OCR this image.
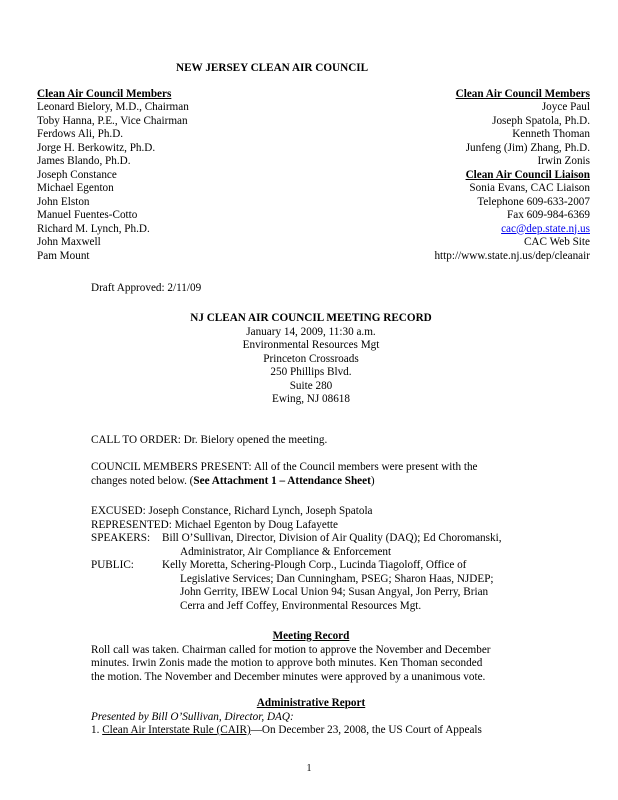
NEW JERSEY CLEAN AIR COUNCIL
Clean Air Council Members
Leonard Bielory, M.D., Chairman
Toby Hanna, P.E., Vice Chairman
Ferdows Ali, Ph.D.
Jorge H. Berkowitz, Ph.D.
James Blando, Ph.D.
Joseph Constance
Michael Egenton
John Elston
Manuel Fuentes-Cotto
Richard M. Lynch, Ph.D.
John Maxwell
Pam Mount
Clean Air Council Members
Joyce Paul
Joseph Spatola, Ph.D.
Kenneth Thoman
Junfeng (Jim) Zhang, Ph.D.
Irwin Zonis
Clean Air Council Liaison
Sonia Evans, CAC Liaison
Telephone 609-633-2007
Fax 609-984-6369
cac@dep.state.nj.us
CAC Web Site
http://www.state.nj.us/dep/cleanair
Draft Approved: 2/11/09
NJ CLEAN AIR COUNCIL MEETING RECORD
January 14, 2009, 11:30 a.m.
Environmental Resources Mgt
Princeton Crossroads
250 Phillips Blvd.
Suite 280
Ewing, NJ 08618
CALL TO ORDER: Dr. Bielory opened the meeting.
COUNCIL MEMBERS PRESENT: All of the Council members were present with the
changes noted below. (See Attachment 1 – Attendance Sheet)
EXCUSED: Joseph Constance, Richard Lynch, Joseph Spatola
REPRESENTED: Michael Egenton by Doug Lafayette
SPEAKERS: Bill O’Sullivan, Director, Division of Air Quality (DAQ); Ed Choromanski,
Administrator, Air Compliance & Enforcement
PUBLIC:	Kelly Moretta, Schering-Plough Corp., Lucinda Tiagoloff, Office of
Legislative Services; Dan Cunningham, PSEG; Sharon Haas, NJDEP;
John Gerrity, IBEW Local Union 94; Susan Angyal, Jon Perry, Brian
Cerra and Jeff Coffey, Environmental Resources Mgt.
Meeting Record
Roll call was taken. Chairman called for motion to approve the November and December
minutes. Irwin Zonis made the motion to approve both minutes. Ken Thoman seconded
the motion. The November and December minutes were approved by a unanimous vote.
Administrative Report
Presented by Bill O’Sullivan, Director, DAQ:
1. Clean Air Interstate Rule (CAIR)—On December 23, 2008, the US Court of Appeals
1
